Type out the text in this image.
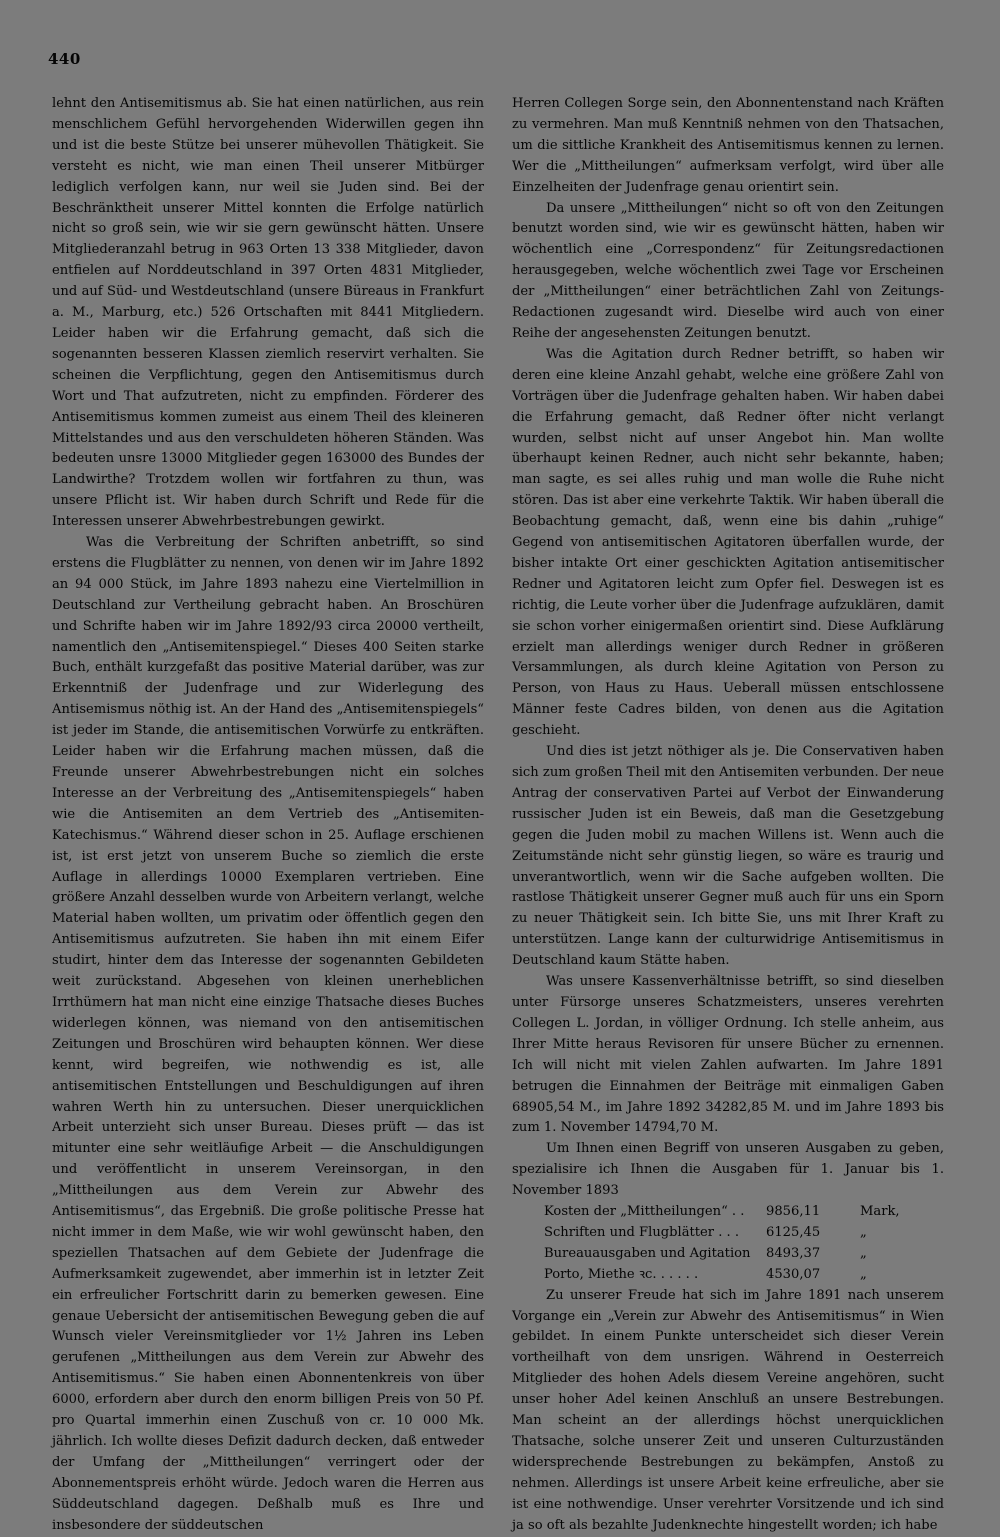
440

lehnt den Antisemitismus ab. Sie hat einen natürlichen, aus rein menschlichem Gefühl hervorgehenden Widerwillen gegen ihn und ist die beste Stütze bei unserer mühevollen Thätigkeit. Sie versteht es nicht, wie man einen Theil unserer Mitbürger lediglich verfolgen kann, nur weil sie Juden sind. Bei der Beschränktheit unserer Mittel konnten die Erfolge natürlich nicht so groß sein, wie wir sie gern gewünscht hätten. Unsere Mitgliederanzahl betrug in 963 Orten 13 338 Mitglieder, davon entfielen auf Norddeutschland in 397 Orten 4831 Mitglieder, und auf Süd- und Westdeutschland (unsere Büreaus in Frankfurt a. M., Marburg, etc.) 526 Ortschaften mit 8441 Mitgliedern. Leider haben wir die Erfahrung gemacht, daß sich die sogenannten besseren Klassen ziemlich reservirt verhalten. Sie scheinen die Verpflichtung, gegen den Antisemitismus durch Wort und That aufzutreten, nicht zu empfinden. Förderer des Antisemitismus kommen zumeist aus einem Theil des kleineren Mittelstandes und aus den verschuldeten höheren Ständen. Was bedeuten unsre 13000 Mitglieder gegen 163000 des Bundes der Landwirthe? Trotzdem wollen wir fortfahren zu thun, was unsere Pflicht ist. Wir haben durch Schrift und Rede für die Interessen unserer Abwehrbestrebungen gewirkt.

Was die Verbreitung der Schriften anbetrifft, so sind erstens die Flugblätter zu nennen, von denen wir im Jahre 1892 an 94 000 Stück, im Jahre 1893 nahezu eine Viertelmillion in Deutschland zur Vertheilung gebracht haben. An Broschüren und Schrifte haben wir im Jahre 1892/93 circa 20000 vertheilt, namentlich den „Antisemitenspiegel.“ Dieses 400 Seiten starke Buch, enthält kurzgefaßt das positive Material darüber, was zur Erkenntniß der Judenfrage und zur Widerlegung des Antisemismus nöthig ist. An der Hand des „Antisemitenspiegels“ ist jeder im Stande, die antisemitischen Vorwürfe zu entkräften. Leider haben wir die Erfahrung machen müssen, daß die Freunde unserer Abwehrbestrebungen nicht ein solches Interesse an der Verbreitung des „Antisemitenspiegels“ haben wie die Antisemiten an dem Vertrieb des „Antisemiten-Katechismus.“ Während dieser schon in 25. Auflage erschienen ist, ist erst jetzt von unserem Buche so ziemlich die erste Auflage in allerdings 10000 Exemplaren vertrieben. Eine größere Anzahl desselben wurde von Arbeitern verlangt, welche Material haben wollten, um privatim oder öffentlich gegen den Antisemitismus aufzutreten. Sie haben ihn mit einem Eifer studirt, hinter dem das Interesse der sogenannten Gebildeten weit zurückstand. Abgesehen von kleinen unerheblichen Irrthümern hat man nicht eine einzige Thatsache dieses Buches widerlegen können, was niemand von den antisemitischen Zeitungen und Broschüren wird behaupten können. Wer diese kennt, wird begreifen, wie nothwendig es ist, alle antisemitischen Entstellungen und Beschuldigungen auf ihren wahren Werth hin zu untersuchen. Dieser unerquicklichen Arbeit unterzieht sich unser Bureau. Dieses prüft — das ist mitunter eine sehr weitläufige Arbeit — die Anschuldigungen und veröffentlicht in unserem Vereinsorgan, in den „Mittheilungen aus dem Verein zur Abwehr des Antisemitismus“, das Ergebniß. Die große politische Presse hat nicht immer in dem Maße, wie wir wohl gewünscht haben, den speziellen Thatsachen auf dem Gebiete der Judenfrage die Aufmerksamkeit zugewendet, aber immerhin ist in letzter Zeit ein erfreulicher Fortschritt darin zu bemerken gewesen. Eine genaue Uebersicht der antisemitischen Bewegung geben die auf Wunsch vieler Vereinsmitglieder vor 1½ Jahren ins Leben gerufenen „Mittheilungen aus dem Verein zur Abwehr des Antisemitismus.“ Sie haben einen Abonnentenkreis von über 6000, erfordern aber durch den enorm billigen Preis von 50 Pf. pro Quartal immerhin einen Zuschuß von cr. 10 000 Mk. jährlich. Ich wollte dieses Defizit dadurch decken, daß entweder der Umfang der „Mittheilungen“ verringert oder der Abonnementspreis erhöht würde. Jedoch waren die Herren aus Süddeutschland dagegen. Deßhalb muß es Ihre und insbesondere der süddeutschen

Herren Collegen Sorge sein, den Abonnentenstand nach Kräften zu vermehren. Man muß Kenntniß nehmen von den Thatsachen, um die sittliche Krankheit des Antisemitismus kennen zu lernen. Wer die „Mittheilungen“ aufmerksam verfolgt, wird über alle Einzelheiten der Judenfrage genau orientirt sein.

Da unsere „Mittheilungen“ nicht so oft von den Zeitungen benutzt worden sind, wie wir es gewünscht hätten, haben wir wöchentlich eine „Correspondenz“ für Zeitungsredactionen herausgegeben, welche wöchentlich zwei Tage vor Erscheinen der „Mittheilungen“ einer beträchtlichen Zahl von Zeitungs-Redactionen zugesandt wird. Dieselbe wird auch von einer Reihe der angesehensten Zeitungen benutzt.

Was die Agitation durch Redner betrifft, so haben wir deren eine kleine Anzahl gehabt, welche eine größere Zahl von Vorträgen über die Judenfrage gehalten haben. Wir haben dabei die Erfahrung gemacht, daß Redner öfter nicht verlangt wurden, selbst nicht auf unser Angebot hin. Man wollte überhaupt keinen Redner, auch nicht sehr bekannte, haben; man sagte, es sei alles ruhig und man wolle die Ruhe nicht stören. Das ist aber eine verkehrte Taktik. Wir haben überall die Beobachtung gemacht, daß, wenn eine bis dahin „ruhige“ Gegend von antisemitischen Agitatoren überfallen wurde, der bisher intakte Ort einer geschickten Agitation antisemitischer Redner und Agitatoren leicht zum Opfer fiel. Deswegen ist es richtig, die Leute vorher über die Judenfrage aufzuklären, damit sie schon vorher einigermaßen orientirt sind. Diese Aufklärung erzielt man allerdings weniger durch Redner in größeren Versammlungen, als durch kleine Agitation von Person zu Person, von Haus zu Haus. Ueberall müssen entschlossene Männer feste Cadres bilden, von denen aus die Agitation geschieht.

Und dies ist jetzt nöthiger als je. Die Conservativen haben sich zum großen Theil mit den Antisemiten verbunden. Der neue Antrag der conservativen Partei auf Verbot der Einwanderung russischer Juden ist ein Beweis, daß man die Gesetzgebung gegen die Juden mobil zu machen Willens ist. Wenn auch die Zeitumstände nicht sehr günstig liegen, so wäre es traurig und unverantwortlich, wenn wir die Sache aufgeben wollten. Die rastlose Thätigkeit unserer Gegner muß auch für uns ein Sporn zu neuer Thätigkeit sein. Ich bitte Sie, uns mit Ihrer Kraft zu unterstützen. Lange kann der culturwidrige Antisemitismus in Deutschland kaum Stätte haben.

Was unsere Kassenverhältnisse betrifft, so sind dieselben unter Fürsorge unseres Schatzmeisters, unseres verehrten Collegen L. Jordan, in völliger Ordnung. Ich stelle anheim, aus Ihrer Mitte heraus Revisoren für unsere Bücher zu ernennen. Ich will nicht mit vielen Zahlen aufwarten. Im Jahre 1891 betrugen die Einnahmen der Beiträge mit einmaligen Gaben 68905,54 M., im Jahre 1892 34282,85 M. und im Jahre 1893 bis zum 1. November 14794,70 M.

Um Ihnen einen Begriff von unseren Ausgaben zu geben, spezialisire ich Ihnen die Ausgaben für 1. Januar bis 1. November 1893

Kosten der „Mittheilungen“ . .	9856,11	Mark,
Schriften und Flugblätter . . .	6125,45	„
Bureauausgaben und Agitation	8493,37	„
Porto, Miethe ꝛc. . . . . .	4530,07	„

Zu unserer Freude hat sich im Jahre 1891 nach unserem Vorgange ein „Verein zur Abwehr des Antisemitismus“ in Wien gebildet. In einem Punkte unterscheidet sich dieser Verein vortheilhaft von dem unsrigen. Während in Oesterreich Mitglieder des hohen Adels diesem Vereine angehören, sucht unser hoher Adel keinen Anschluß an unsere Bestrebungen. Man scheint an der allerdings höchst unerquicklichen Thatsache, solche unserer Zeit und unseren Culturzuständen widersprechende Bestrebungen zu bekämpfen, Anstoß zu nehmen. Allerdings ist unsere Arbeit keine erfreuliche, aber sie ist eine nothwendige. Unser verehrter Vorsitzende und ich sind ja so oft als bezahlte Judenknechte hingestellt worden; ich habe
